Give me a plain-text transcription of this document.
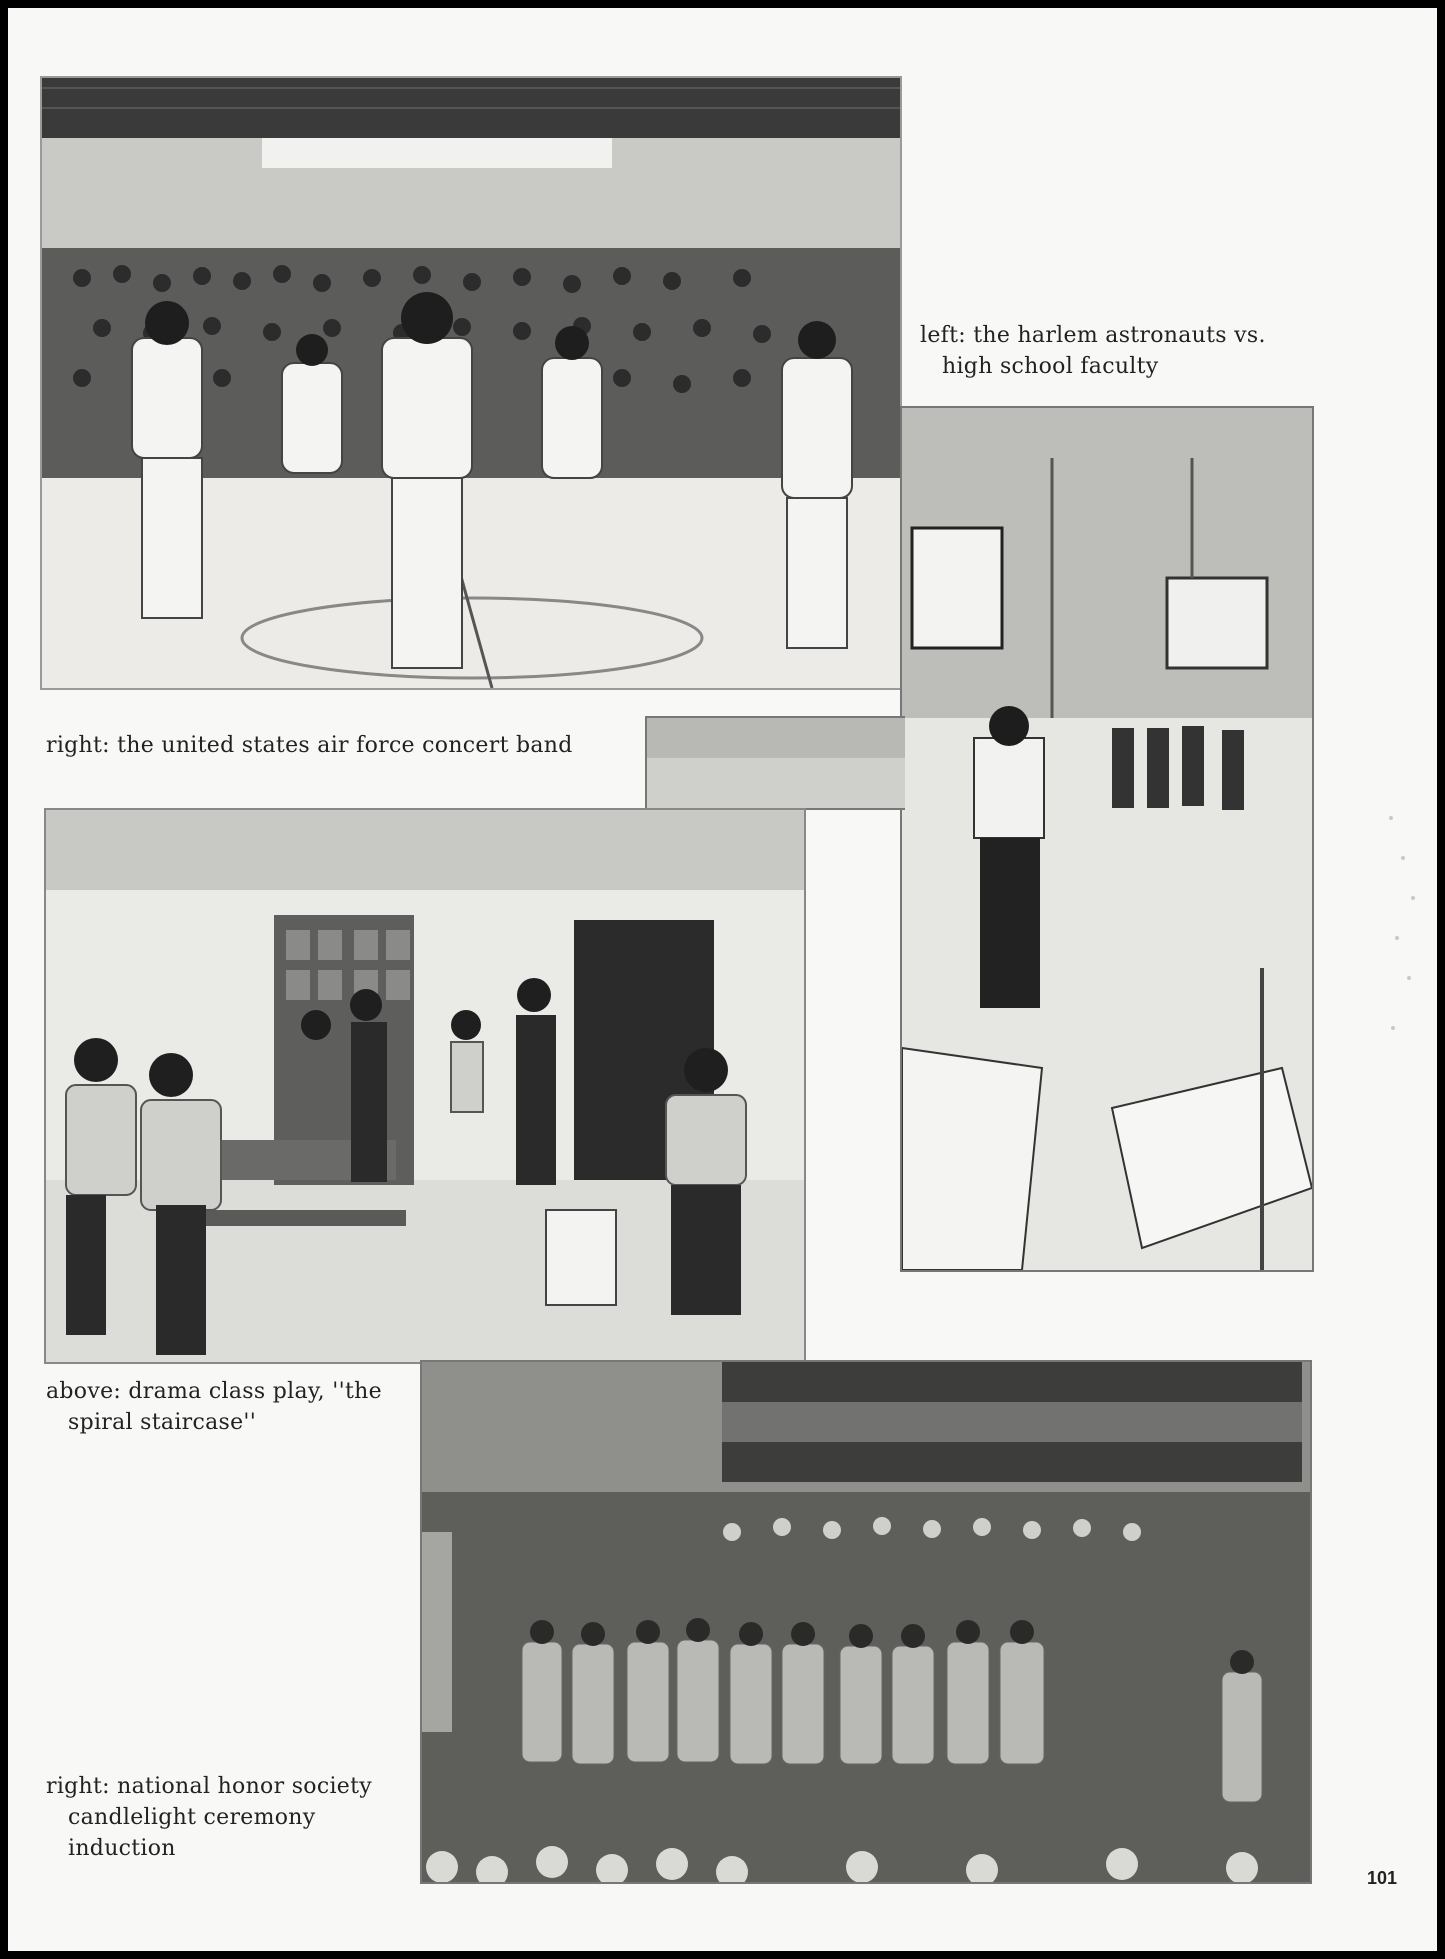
left: the harlem astronauts vs.
high school faculty
right: the united states air force concert band
above: drama class play, ''the
spiral staircase''
right: national honor society
candlelight ceremony
induction
101
